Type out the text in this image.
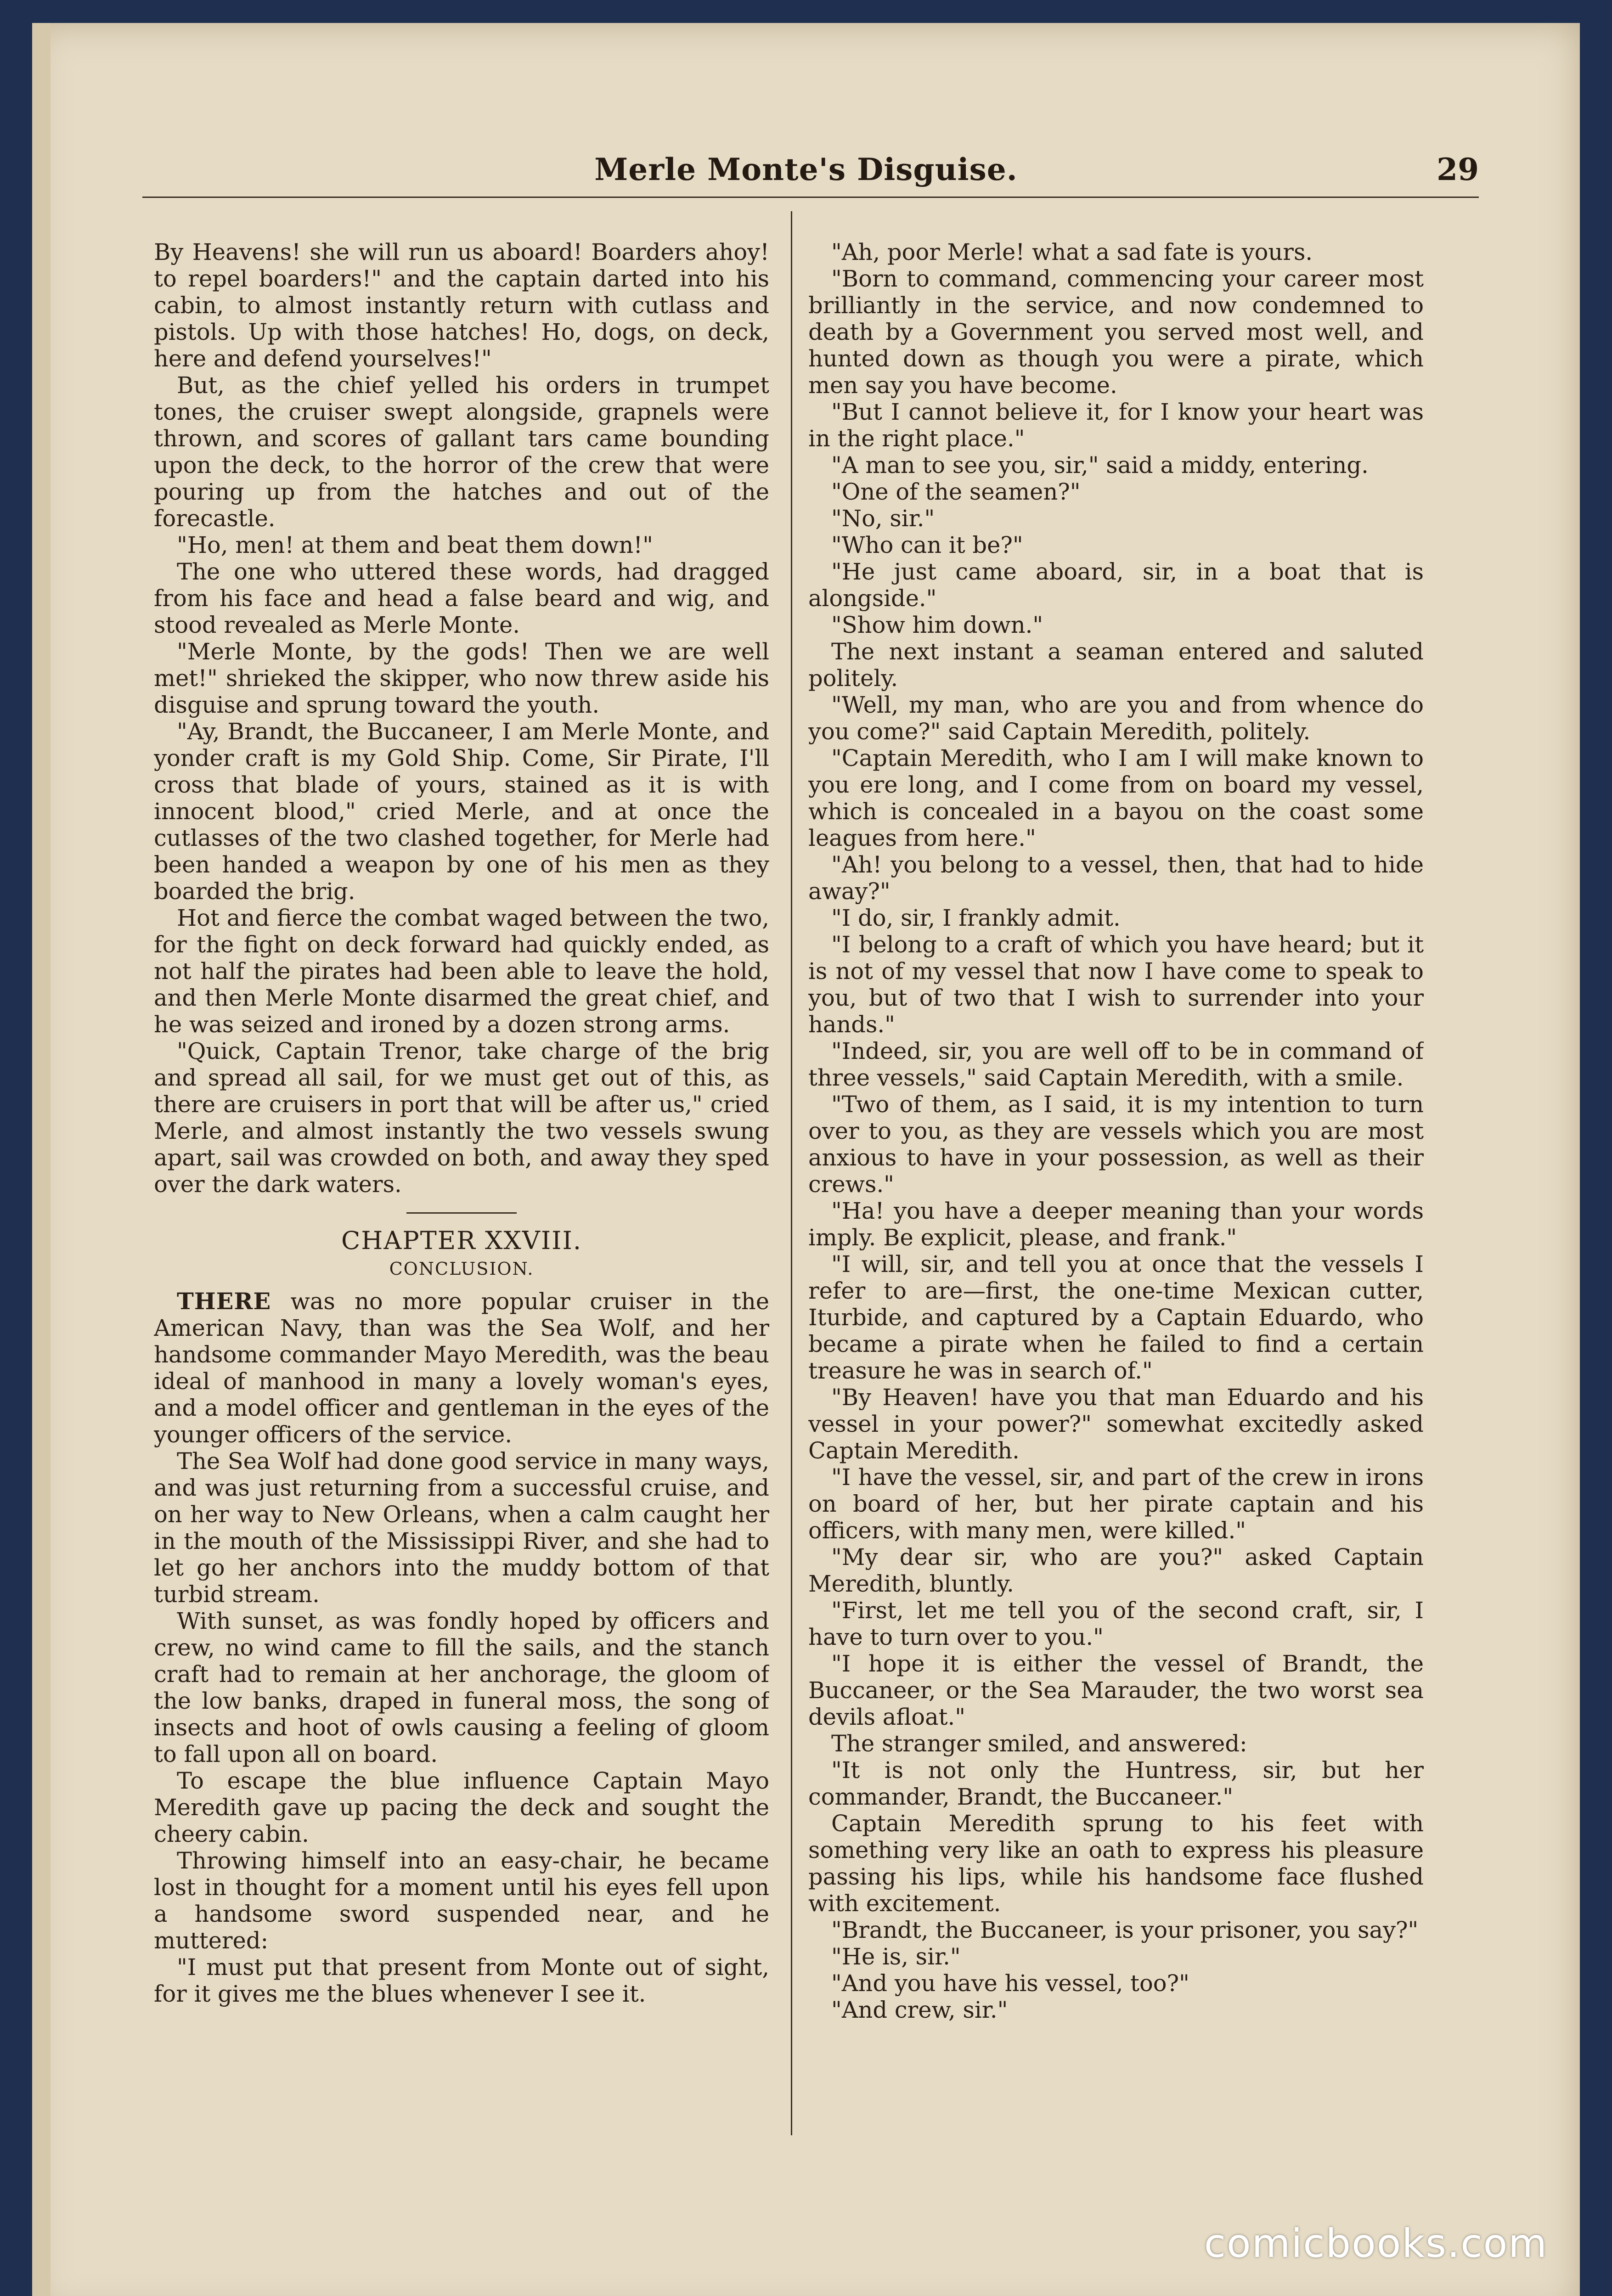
Merle Monte's Disguise.	29

By Heavens! she will run us aboard! Boarders ahoy! to repel boarders!" and the captain darted into his cabin, to almost instantly return with cutlass and pistols. Up with those hatches! Ho, dogs, on deck, here and defend yourselves!"

But, as the chief yelled his orders in trumpet tones, the cruiser swept alongside, grapnels were thrown, and scores of gallant tars came bounding upon the deck, to the horror of the crew that were pouring up from the hatches and out of the forecastle.

"Ho, men! at them and beat them down!"

The one who uttered these words, had dragged from his face and head a false beard and wig, and stood revealed as Merle Monte.

"Merle Monte, by the gods! Then we are well met!" shrieked the skipper, who now threw aside his disguise and sprung toward the youth.

"Ay, Brandt, the Buccaneer, I am Merle Monte, and yonder craft is my Gold Ship. Come, Sir Pirate, I'll cross that blade of yours, stained as it is with innocent blood," cried Merle, and at once the cutlasses of the two clashed together, for Merle had been handed a weapon by one of his men as they boarded the brig.

Hot and fierce the combat waged between the two, for the fight on deck forward had quickly ended, as not half the pirates had been able to leave the hold, and then Merle Monte disarmed the great chief, and he was seized and ironed by a dozen strong arms.

"Quick, Captain Trenor, take charge of the brig and spread all sail, for we must get out of this, as there are cruisers in port that will be after us," cried Merle, and almost instantly the two vessels swung apart, sail was crowded on both, and away they sped over the dark waters.

CHAPTER XXVIII.
CONCLUSION.

THERE was no more popular cruiser in the American Navy, than was the Sea Wolf, and her handsome commander Mayo Meredith, was the beau ideal of manhood in many a lovely woman's eyes, and a model officer and gentleman in the eyes of the younger officers of the service.

The Sea Wolf had done good service in many ways, and was just returning from a successful cruise, and on her way to New Orleans, when a calm caught her in the mouth of the Mississippi River, and she had to let go her anchors into the muddy bottom of that turbid stream.

With sunset, as was fondly hoped by officers and crew, no wind came to fill the sails, and the stanch craft had to remain at her anchorage, the gloom of the low banks, draped in funeral moss, the song of insects and hoot of owls causing a feeling of gloom to fall upon all on board.

To escape the blue influence Captain Mayo Meredith gave up pacing the deck and sought the cheery cabin.

Throwing himself into an easy-chair, he became lost in thought for a moment until his eyes fell upon a handsome sword suspended near, and he muttered:

"I must put that present from Monte out of sight, for it gives me the blues whenever I see it.

"Ah, poor Merle! what a sad fate is yours.

"Born to command, commencing your career most brilliantly in the service, and now condemned to death by a Government you served most well, and hunted down as though you were a pirate, which men say you have become.

"But I cannot believe it, for I know your heart was in the right place."

"A man to see you, sir," said a middy, entering.

"One of the seamen?"

"No, sir."

"Who can it be?"

"He just came aboard, sir, in a boat that is alongside."

"Show him down."

The next instant a seaman entered and saluted politely.

"Well, my man, who are you and from whence do you come?" said Captain Meredith, politely.

"Captain Meredith, who I am I will make known to you ere long, and I come from on board my vessel, which is concealed in a bayou on the coast some leagues from here."

"Ah! you belong to a vessel, then, that had to hide away?"

"I do, sir, I frankly admit.

"I belong to a craft of which you have heard; but it is not of my vessel that now I have come to speak to you, but of two that I wish to surrender into your hands."

"Indeed, sir, you are well off to be in command of three vessels," said Captain Meredith, with a smile.

"Two of them, as I said, it is my intention to turn over to you, as they are vessels which you are most anxious to have in your possession, as well as their crews."

"Ha! you have a deeper meaning than your words imply. Be explicit, please, and frank."

"I will, sir, and tell you at once that the vessels I refer to are—first, the one-time Mexican cutter, Iturbide, and captured by a Captain Eduardo, who became a pirate when he failed to find a certain treasure he was in search of."

"By Heaven! have you that man Eduardo and his vessel in your power?" somewhat excitedly asked Captain Meredith.

"I have the vessel, sir, and part of the crew in irons on board of her, but her pirate captain and his officers, with many men, were killed."

"My dear sir, who are you?" asked Captain Meredith, bluntly.

"First, let me tell you of the second craft, sir, I have to turn over to you."

"I hope it is either the vessel of Brandt, the Buccaneer, or the Sea Marauder, the two worst sea devils afloat."

The stranger smiled, and answered:

"It is not only the Huntress, sir, but her commander, Brandt, the Buccaneer."

Captain Meredith sprung to his feet with something very like an oath to express his pleasure passing his lips, while his handsome face flushed with excitement.

"Brandt, the Buccaneer, is your prisoner, you say?"

"He is, sir."

"And you have his vessel, too?"

"And crew, sir."

comicbooks.com
